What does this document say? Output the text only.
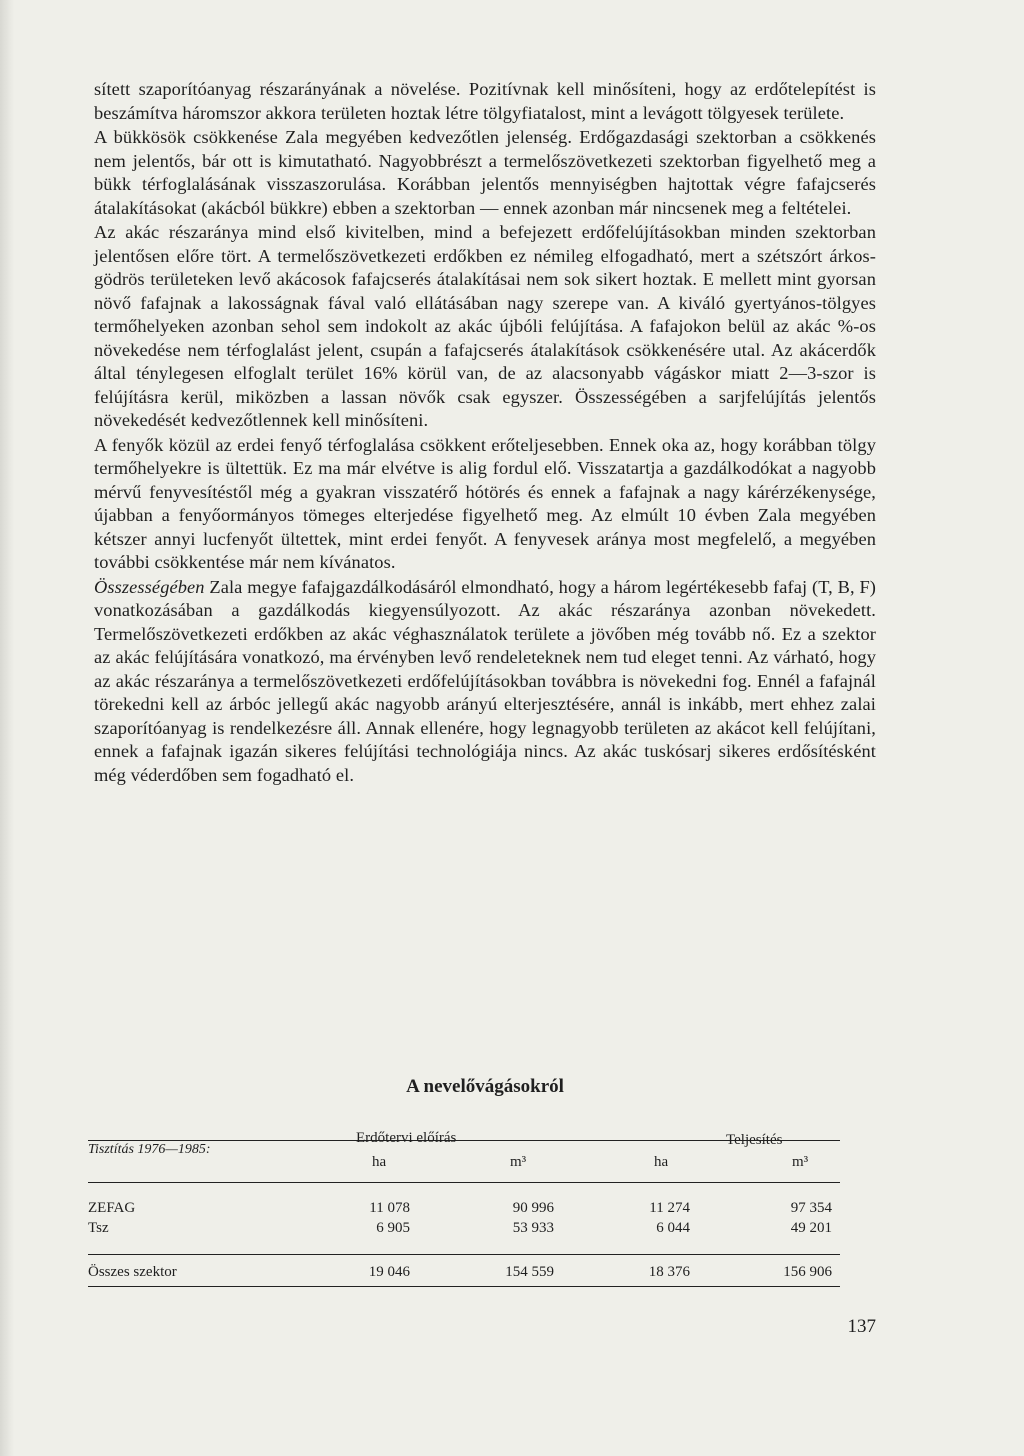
sített szaporítóanyag részarányának a növelése. Pozitívnak kell minősíteni, hogy az erdőtelepítést is beszámítva háromszor akkora területen hoztak létre tölgyfiatalost, mint a levágott tölgyesek területe.

A bükkösök csökkenése Zala megyében kedvezőtlen jelenség. Erdőgazdasági szektorban a csökkenés nem jelentős, bár ott is kimutatható. Nagyobbrészt a termelőszövetkezeti szektorban figyelhető meg a bükk térfoglalásának visszaszorulása. Korábban jelentős mennyiségben hajtottak végre fafajcserés átalakításokat (akácból bükkre) ebben a szektorban — ennek azonban már nincsenek meg a feltételei.

Az akác részaránya mind első kivitelben, mind a befejezett erdőfelújításokban minden szektorban jelentősen előre tört. A termelőszövetkezeti erdőkben ez némileg elfogadható, mert a szétszórt árkos-gödrös területeken levő akácosok fafajcserés átalakításai nem sok sikert hoztak. E mellett mint gyorsan növő fafajnak a lakosságnak fával való ellátásában nagy szerepe van. A kiváló gyertyános-tölgyes termőhelyeken azonban sehol sem indokolt az akác újbóli felújítása. A fafajokon belül az akác %-os növekedése nem térfoglalást jelent, csupán a fafajcserés átalakítások csökkenésére utal. Az akácerdők által ténylegesen elfoglalt terület 16% körül van, de az alacsonyabb vágáskor miatt 2—3-szor is felújításra kerül, miközben a lassan növők csak egyszer. Összességében a sarjfelújítás jelentős növekedését kedvezőtlennek kell minősíteni.

A fenyők közül az erdei fenyő térfoglalása csökkent erőteljesebben. Ennek oka az, hogy korábban tölgy termőhelyekre is ültettük. Ez ma már elvétve is alig fordul elő. Visszatartja a gazdálkodókat a nagyobb mérvű fenyvesítéstől még a gyakran visszatérő hótörés és ennek a fafajnak a nagy kárérzékenysége, újabban a fenyőormányos tömeges elterjedése figyelhető meg. Az elmúlt 10 évben Zala megyében kétszer annyi lucfenyőt ültettek, mint erdei fenyőt. A fenyvesek aránya most megfelelő, a megyében további csökkentése már nem kívánatos.

Összességében Zala megye fafajgazdálkodásáról elmondható, hogy a három legértékesebb fafaj (T, B, F) vonatkozásában a gazdálkodás kiegyensúlyozott. Az akác részaránya azonban növekedett. Termelőszövetkezeti erdőkben az akác véghasználatok területe a jövőben még tovább nő. Ez a szektor az akác felújítására vonatkozó, ma érvényben levő rendeleteknek nem tud eleget tenni. Az várható, hogy az akác részaránya a termelőszövetkezeti erdőfelújításokban továbbra is növekedni fog. Ennél a fafajnál törekedni kell az árbóc jellegű akác nagyobb arányú elterjesztésére, annál is inkább, mert ehhez zalai szaporítóanyag is rendelkezésre áll. Annak ellenére, hogy legnagyobb területen az akácot kell felújítani, ennek a fafajnak igazán sikeres felújítási technológiája nincs. Az akác tuskósarj sikeres erdősítésként még véderdőben sem fogadható el.

A nevelővágásokról
Tisztítás 1976—1985:
Erdőtervi előírás	Teljesítés
ha	m³	ha	m³
ZEFAG	11 078	90 996	11 274	97 354
Tsz	6 905	53 933	6 044	49 201
Összes szektor	19 046	154 559	18 376	156 906
137
